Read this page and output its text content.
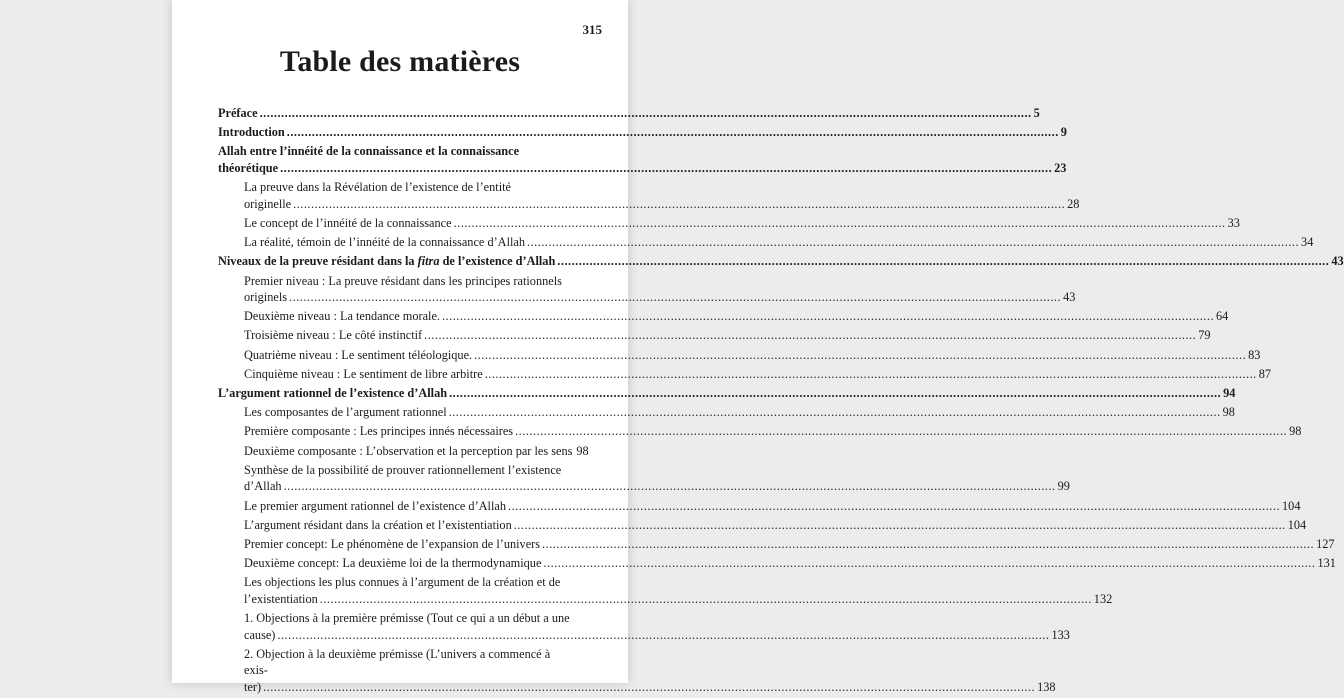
315
Table des matières
Préface .....	5
Introduction .....	9
Allah entre l’innéité de la connaissance et la connaissance
théorétique .....	23
La preuve dans la Révélation de l’existence de l’entité
originelle .....	28
Le concept de l’innéité de la connaissance .....	33
La réalité, témoin de l’innéité de la connaissance d’Allah .....	34
Niveaux de la preuve résidant dans la fitra de l’existence d’Allah .....	43
Premier niveau : La preuve résidant dans les principes rationnels
originels .....	43
Deuxième niveau : La tendance morale. .....	64
Troisième niveau : Le côté instinctif .....	79
Quatrième niveau : Le sentiment téléologique. .....	83
Cinquième niveau : Le sentiment de libre arbitre .....	87
L’argument rationnel de l’existence d’Allah .....	94
Les composantes de l’argument rationnel .....	98
Première composante : Les principes innés nécessaires .....	98
Deuxième composante : L’observation et la perception par les sens 98
Synthèse de la possibilité de prouver rationnellement l’existence
d’Allah .....	99
Le premier argument rationnel de l’existence d’Allah .....	104
L’argument résidant dans la création et l’existentiation .....	104
Premier concept: Le phénomène de l’expansion de l’univers .....	127
Deuxième concept: La deuxième loi de la thermodynamique .....	131
Les objections les plus connues à l’argument de la création et de
l’existentiation .....	132
1. Objections à la première prémisse (Tout ce qui a un début a une
cause) .....	133
2. Objection à la deuxième prémisse (L’univers a commencé à exis-
ter) .....	138
